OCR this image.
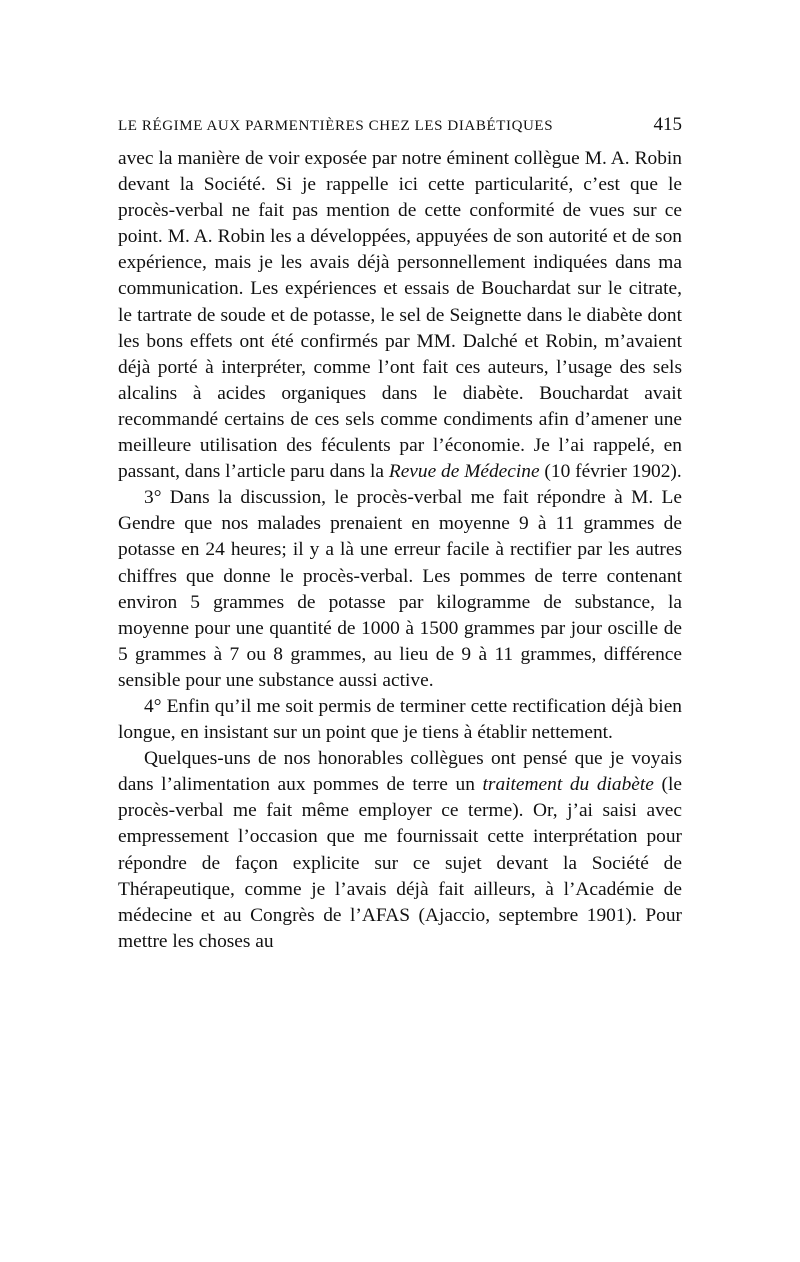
LE RÉGIME AUX PARMENTIÈRES CHEZ LES DIABÉTIQUES	415

avec la manière de voir exposée par notre éminent collègue M. A. Robin devant la Société. Si je rappelle ici cette particularité, c’est que le procès-verbal ne fait pas mention de cette conformité de vues sur ce point. M. A. Robin les a développées, appuyées de son autorité et de son expérience, mais je les avais déjà personnellement indiquées dans ma communication. Les expériences et essais de Bouchardat sur le citrate, le tartrate de soude et de potasse, le sel de Seignette dans le diabète dont les bons effets ont été confirmés par MM. Dalché et Robin, m’avaient déjà porté à interpréter, comme l’ont fait ces auteurs, l’usage des sels alcalins à acides organiques dans le diabète. Bouchardat avait recommandé certains de ces sels comme condiments afin d’amener une meilleure utilisation des féculents par l’économie. Je l’ai rappelé, en passant, dans l’article paru dans la Revue de Médecine (10 février 1902).

3° Dans la discussion, le procès-verbal me fait répondre à M. Le Gendre que nos malades prenaient en moyenne 9 à 11 grammes de potasse en 24 heures; il y a là une erreur facile à rectifier par les autres chiffres que donne le procès-verbal. Les pommes de terre contenant environ 5 grammes de potasse par kilogramme de substance, la moyenne pour une quantité de 1000 à 1500 grammes par jour oscille de 5 grammes à 7 ou 8 grammes, au lieu de 9 à 11 grammes, différence sensible pour une substance aussi active.

4° Enfin qu’il me soit permis de terminer cette rectification déjà bien longue, en insistant sur un point que je tiens à établir nettement.

Quelques-uns de nos honorables collègues ont pensé que je voyais dans l’alimentation aux pommes de terre un traitement du diabète (le procès-verbal me fait même employer ce terme). Or, j’ai saisi avec empressement l’occasion que me fournissait cette interprétation pour répondre de façon explicite sur ce sujet devant la Société de Thérapeutique, comme je l’avais déjà fait ailleurs, à l’Académie de médecine et au Congrès de l’AFAS (Ajaccio, septembre 1901). Pour mettre les choses au
